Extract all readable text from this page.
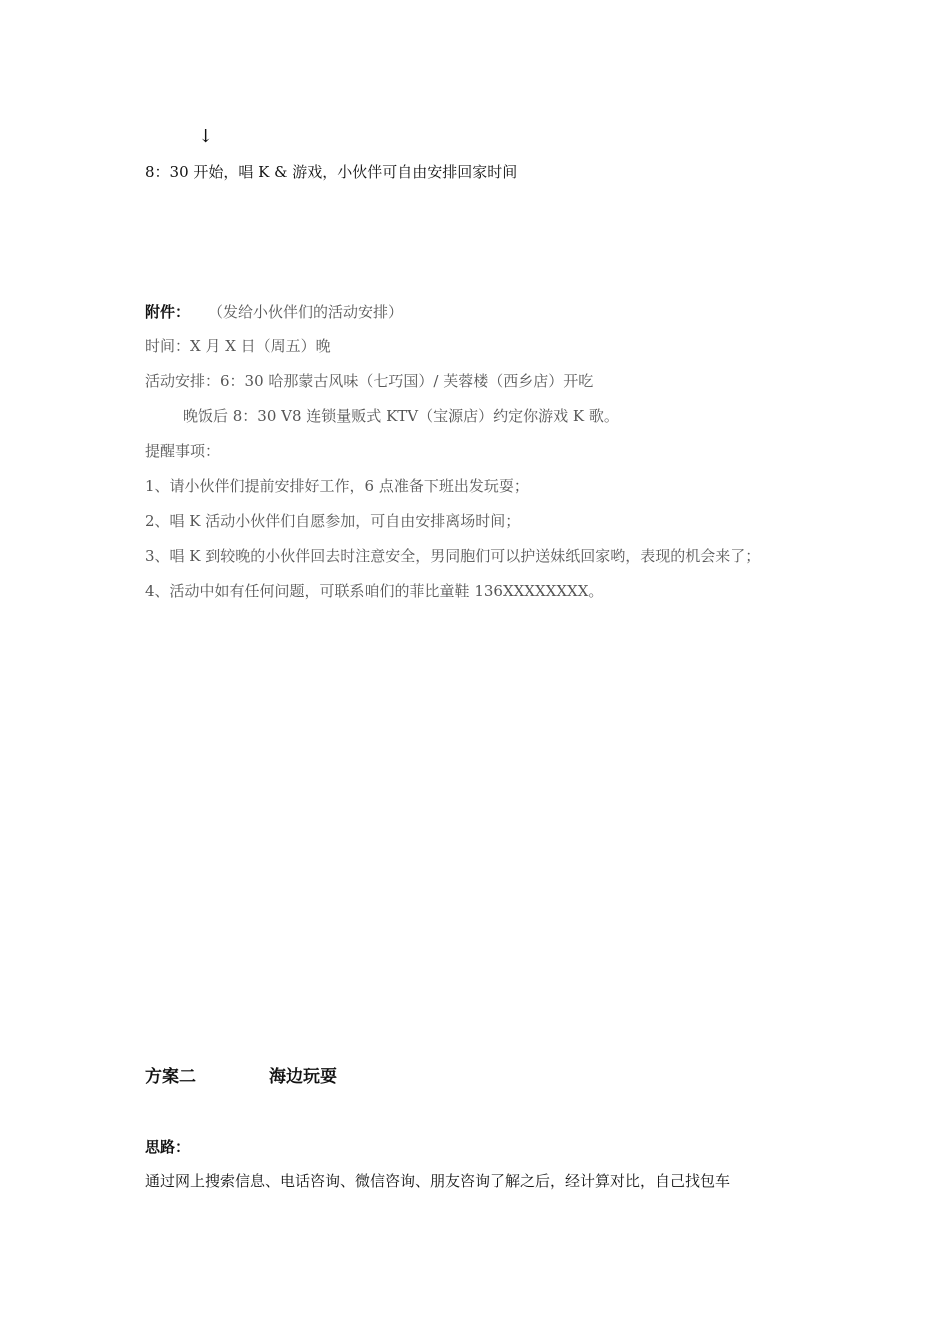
↓
8：30 开始，唱 K & 游戏，小伙伴可自由安排回家时间
附件： （发给小伙伴们的活动安排）
时间：X 月 X 日（周五）晚
活动安排：6：30 哈那蒙古风味（七巧国）/ 芙蓉楼（西乡店）开吃
晚饭后 8：30 V8 连锁量贩式 KTV（宝源店）约定你游戏 K 歌。
提醒事项：
1、请小伙伴们提前安排好工作，6 点准备下班出发玩耍；
2、唱 K 活动小伙伴们自愿参加，可自由安排离场时间；
3、唱 K 到较晚的小伙伴回去时注意安全，男同胞们可以护送妹纸回家哟，表现的机会来了；
4、活动中如有任何问题，可联系咱们的菲比童鞋 136XXXXXXXX。
方案二	海边玩耍
思路：
通过网上搜索信息、电话咨询、微信咨询、朋友咨询了解之后，经计算对比，自己找包车
